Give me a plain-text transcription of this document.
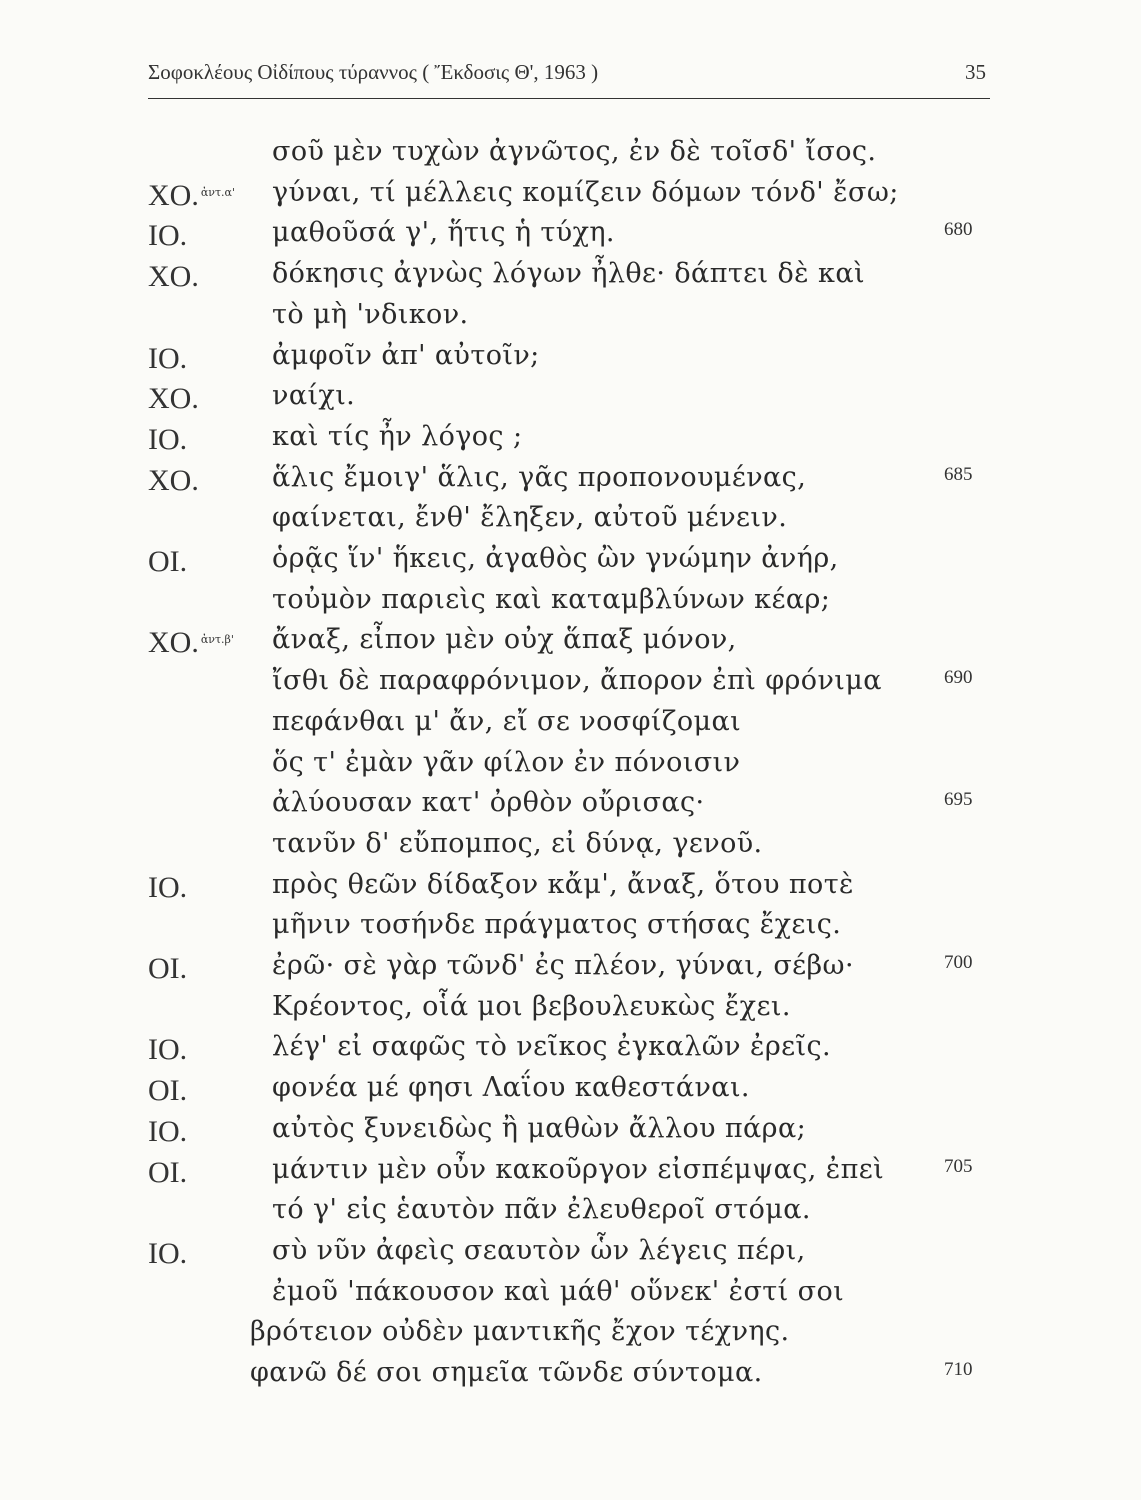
Σοφοκλέους Οἰδίπους τύραννος ( Ἔκδοσις Θ', 1963 )	35
σοῦ μὲν τυχὼν ἀγνῶτος, ἐν δὲ τοῖσδ' ἴσος.
ΧΟ. $^{ἀ\nu\tau.\alpha'}$ γύναι, τί μέλλεις κομίζειν δόμων τόνδ' ἔσω;
ΙΟ.	μαθοῦσά γ', ἥτις ἡ τύχη.	680
ΧΟ.	δόκησις ἀγνὼς λόγων ἦλθε· δάπτει δὲ καὶ
τὸ μὴ 'νδικον.
ΙΟ.	ἀμφοῖν ἀπ' αὐτοῖν;
ΧΟ.	ναίχι.
ΙΟ.	καὶ τίς ἦν λόγος ;
ΧΟ.	ἅλις ἔμοιγ' ἅλις, γᾶς προπονουμένας,	685
φαίνεται, ἔνθ' ἔληξεν, αὐτοῦ μένειν.
ΟΙ.	ὁρᾷς ἵν' ἥκεις, ἀγαθὸς ὢν γνώμην ἀνήρ,
τοὐμὸν παριεὶς καὶ καταμβλύνων κέαρ;
ΧΟ. $^{ἀ\nu\tau.\beta'}$ ἄναξ, εἶπον μὲν οὐχ ἅπαξ μόνον,
ἴσθι δὲ παραφρόνιμον, ἄπορον ἐπὶ φρόνιμα	690
πεφάνθαι μ' ἄν, εἴ σε νοσφίζομαι
ὅς τ' ἐμὰν γᾶν φίλον ἐν πόνοισιν
ἀλύουσαν κατ' ὀρθὸν οὔρισας·	695
τανῦν δ' εὔπομπος, εἰ δύνᾳ, γενοῦ.
ΙΟ.	πρὸς θεῶν δίδαξον κἄμ', ἄναξ, ὅτου ποτὲ
μῆνιν τοσήνδε πράγματος στήσας ἔχεις.
ΟΙ.	ἐρῶ· σὲ γὰρ τῶνδ' ἐς πλέον, γύναι, σέβω·	700
Κρέοντος, οἷά μοι βεβουλευκὼς ἔχει.
ΙΟ.	λέγ' εἰ σαφῶς τὸ νεῖκος ἐγκαλῶν ἐρεῖς.
ΟΙ.	φονέα μέ φησι Λαΐου καθεστάναι.
ΙΟ.	αὐτὸς ξυνειδὼς ἢ μαθὼν ἄλλου πάρα;
ΟΙ.	μάντιν μὲν οὖν κακοῦργον εἰσπέμψας, ἐπεὶ	705
τό γ' εἰς ἑαυτὸν πᾶν ἐλευθεροῖ στόμα.
ΙΟ.	σὺ νῦν ἀφεὶς σεαυτὸν ὧν λέγεις πέρι,
ἐμοῦ 'πάκουσον καὶ μάθ' οὕνεκ' ἐστί σοι
βρότειον οὐδὲν μαντικῆς ἔχον τέχνης.
φανῶ δέ σοι σημεῖα τῶνδε σύντομα.	710
